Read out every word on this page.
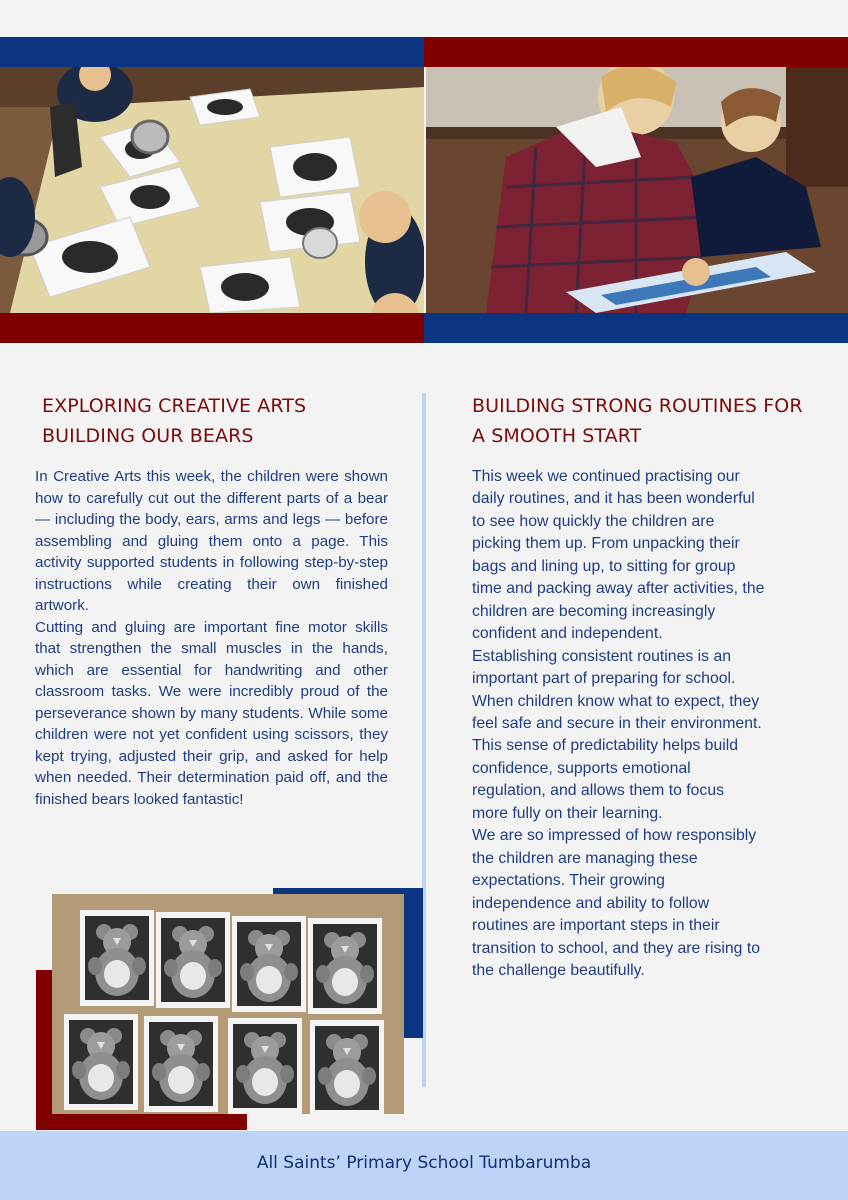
EXPLORING CREATIVE ARTS
BUILDING OUR BEARS
BUILDING STRONG ROUTINES FOR
A SMOOTH START

In Creative Arts this week, the children were shown how to carefully cut out the different parts of a bear — including the body, ears, arms and legs — before assembling and gluing them onto a page. This activity supported students in following step-by-step instructions while creating their own finished artwork.

Cutting and gluing are important fine motor skills that strengthen the small muscles in the hands, which are essential for handwriting and other classroom tasks. We were incredibly proud of the perseverance shown by many students. While some children were not yet confident using scissors, they kept trying, adjusted their grip, and asked for help when needed. Their determination paid off, and the finished bears looked fantastic!

This week we continued practising our

daily routines, and it has been wonderful

to see how quickly the children are

picking them up. From unpacking their

bags and lining up, to sitting for group

time and packing away after activities, the

children are becoming increasingly

confident and independent.

Establishing consistent routines is an

important part of preparing for school.

When children know what to expect, they

feel safe and secure in their environment.

This sense of predictability helps build

confidence, supports emotional

regulation, and allows them to focus

more fully on their learning.

We are so impressed of how responsibly

the children are managing these

expectations. Their growing

independence and ability to follow

routines are important steps in their

transition to school, and they are rising to

the challenge beautifully.

All Saints’ Primary School Tumbarumba
